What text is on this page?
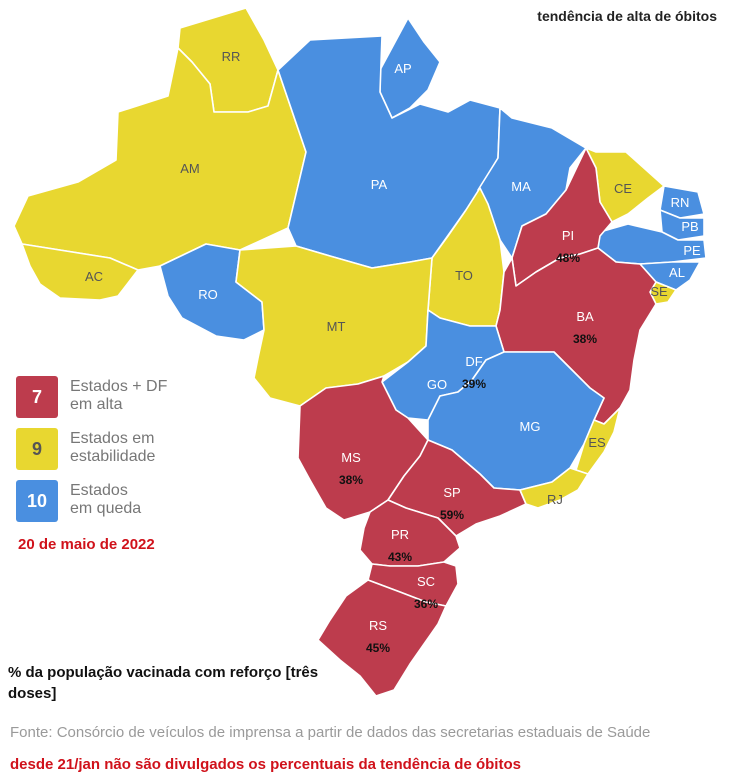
tendência de alta de óbitos
RR
AP
AM
PA	MA	CE
RN
PB
PE
AL
SE
AC
RO
PI
48%
TO
BA
38%
MT
DF
39%
GO
MG
ES
MS
38%
SP
59%
RJ
PR
43%
SC
36%
RS
45%
7 Estados + DF
em alta
9 Estados em
estabilidade
10 Estados
em queda
20 de maio de 2022
% da população vacinada com reforço [três doses]
Fonte: Consórcio de veículos de imprensa a partir de dados das secretarias estaduais de Saúde
desde 21/jan não são divulgados os percentuais da tendência de óbitos
